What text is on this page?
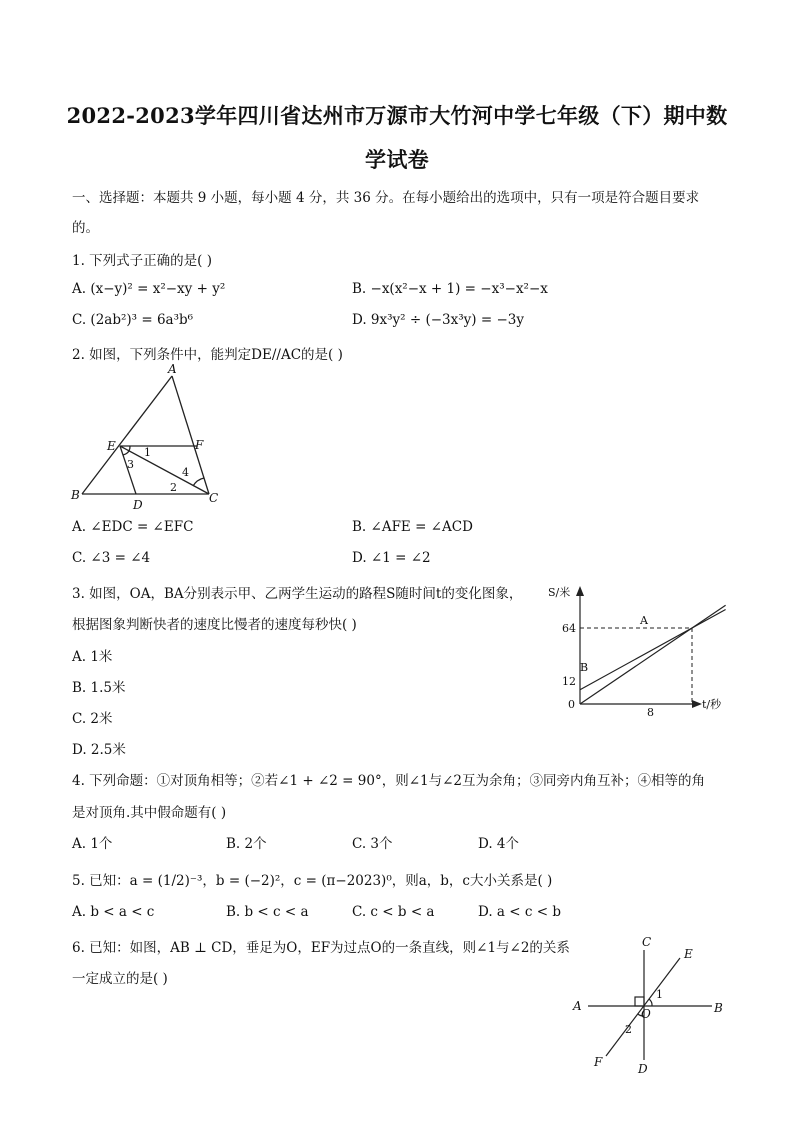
2022-2023学年四川省达州市万源市大竹河中学七年级（下）期中数
学试卷
一、选择题：本题共 9 小题，每小题 4 分，共 36 分。在每小题给出的选项中，只有一项是符合题目要求
的。
1. 下列式子正确的是( )
A. (x−y)² = x²−xy + y²	B. −x(x²−x + 1) = −x³−x²−x
C. (2ab²)³ = 6a³b⁶	D. 9x³y² ÷ (−3x³y) = −3y
2. 如图，下列条件中，能判定DE//AC的是( )
A
E	F
B
D	C
1
2
3
4
A. ∠EDC = ∠EFC	B. ∠AFE = ∠ACD
C. ∠3 = ∠4	D. ∠1 = ∠2
3. 如图，OA，BA分别表示甲、乙两学生运动的路程S随时间t的变化图象，
根据图象判断快者的速度比慢者的速度每秒快( )
A. 1米
B. 1.5米
C. 2米
D. 2.5米
S/米
t/秒
64
12
0
8
A
B
4. 下列命题：①对顶角相等；②若∠1 + ∠2 = 90°，则∠1与∠2互为余角；③同旁内角互补；④相等的角
是对顶角.其中假命题有( )
A. 1个	B. 2个	C. 3个	D. 4个
5. 已知：a = (1/2)⁻³，b = (−2)²，c = (π−2023)⁰，则a，b，c大小关系是( )
A. b < a < c	B. b < c < a	C. c < b < a	D. a < c < b
6. 已知：如图，AB ⊥ CD，垂足为O，EF为过点O的一条直线，则∠1与∠2的关系
一定成立的是( )
C
E
A	B
O
F	D
1
2
